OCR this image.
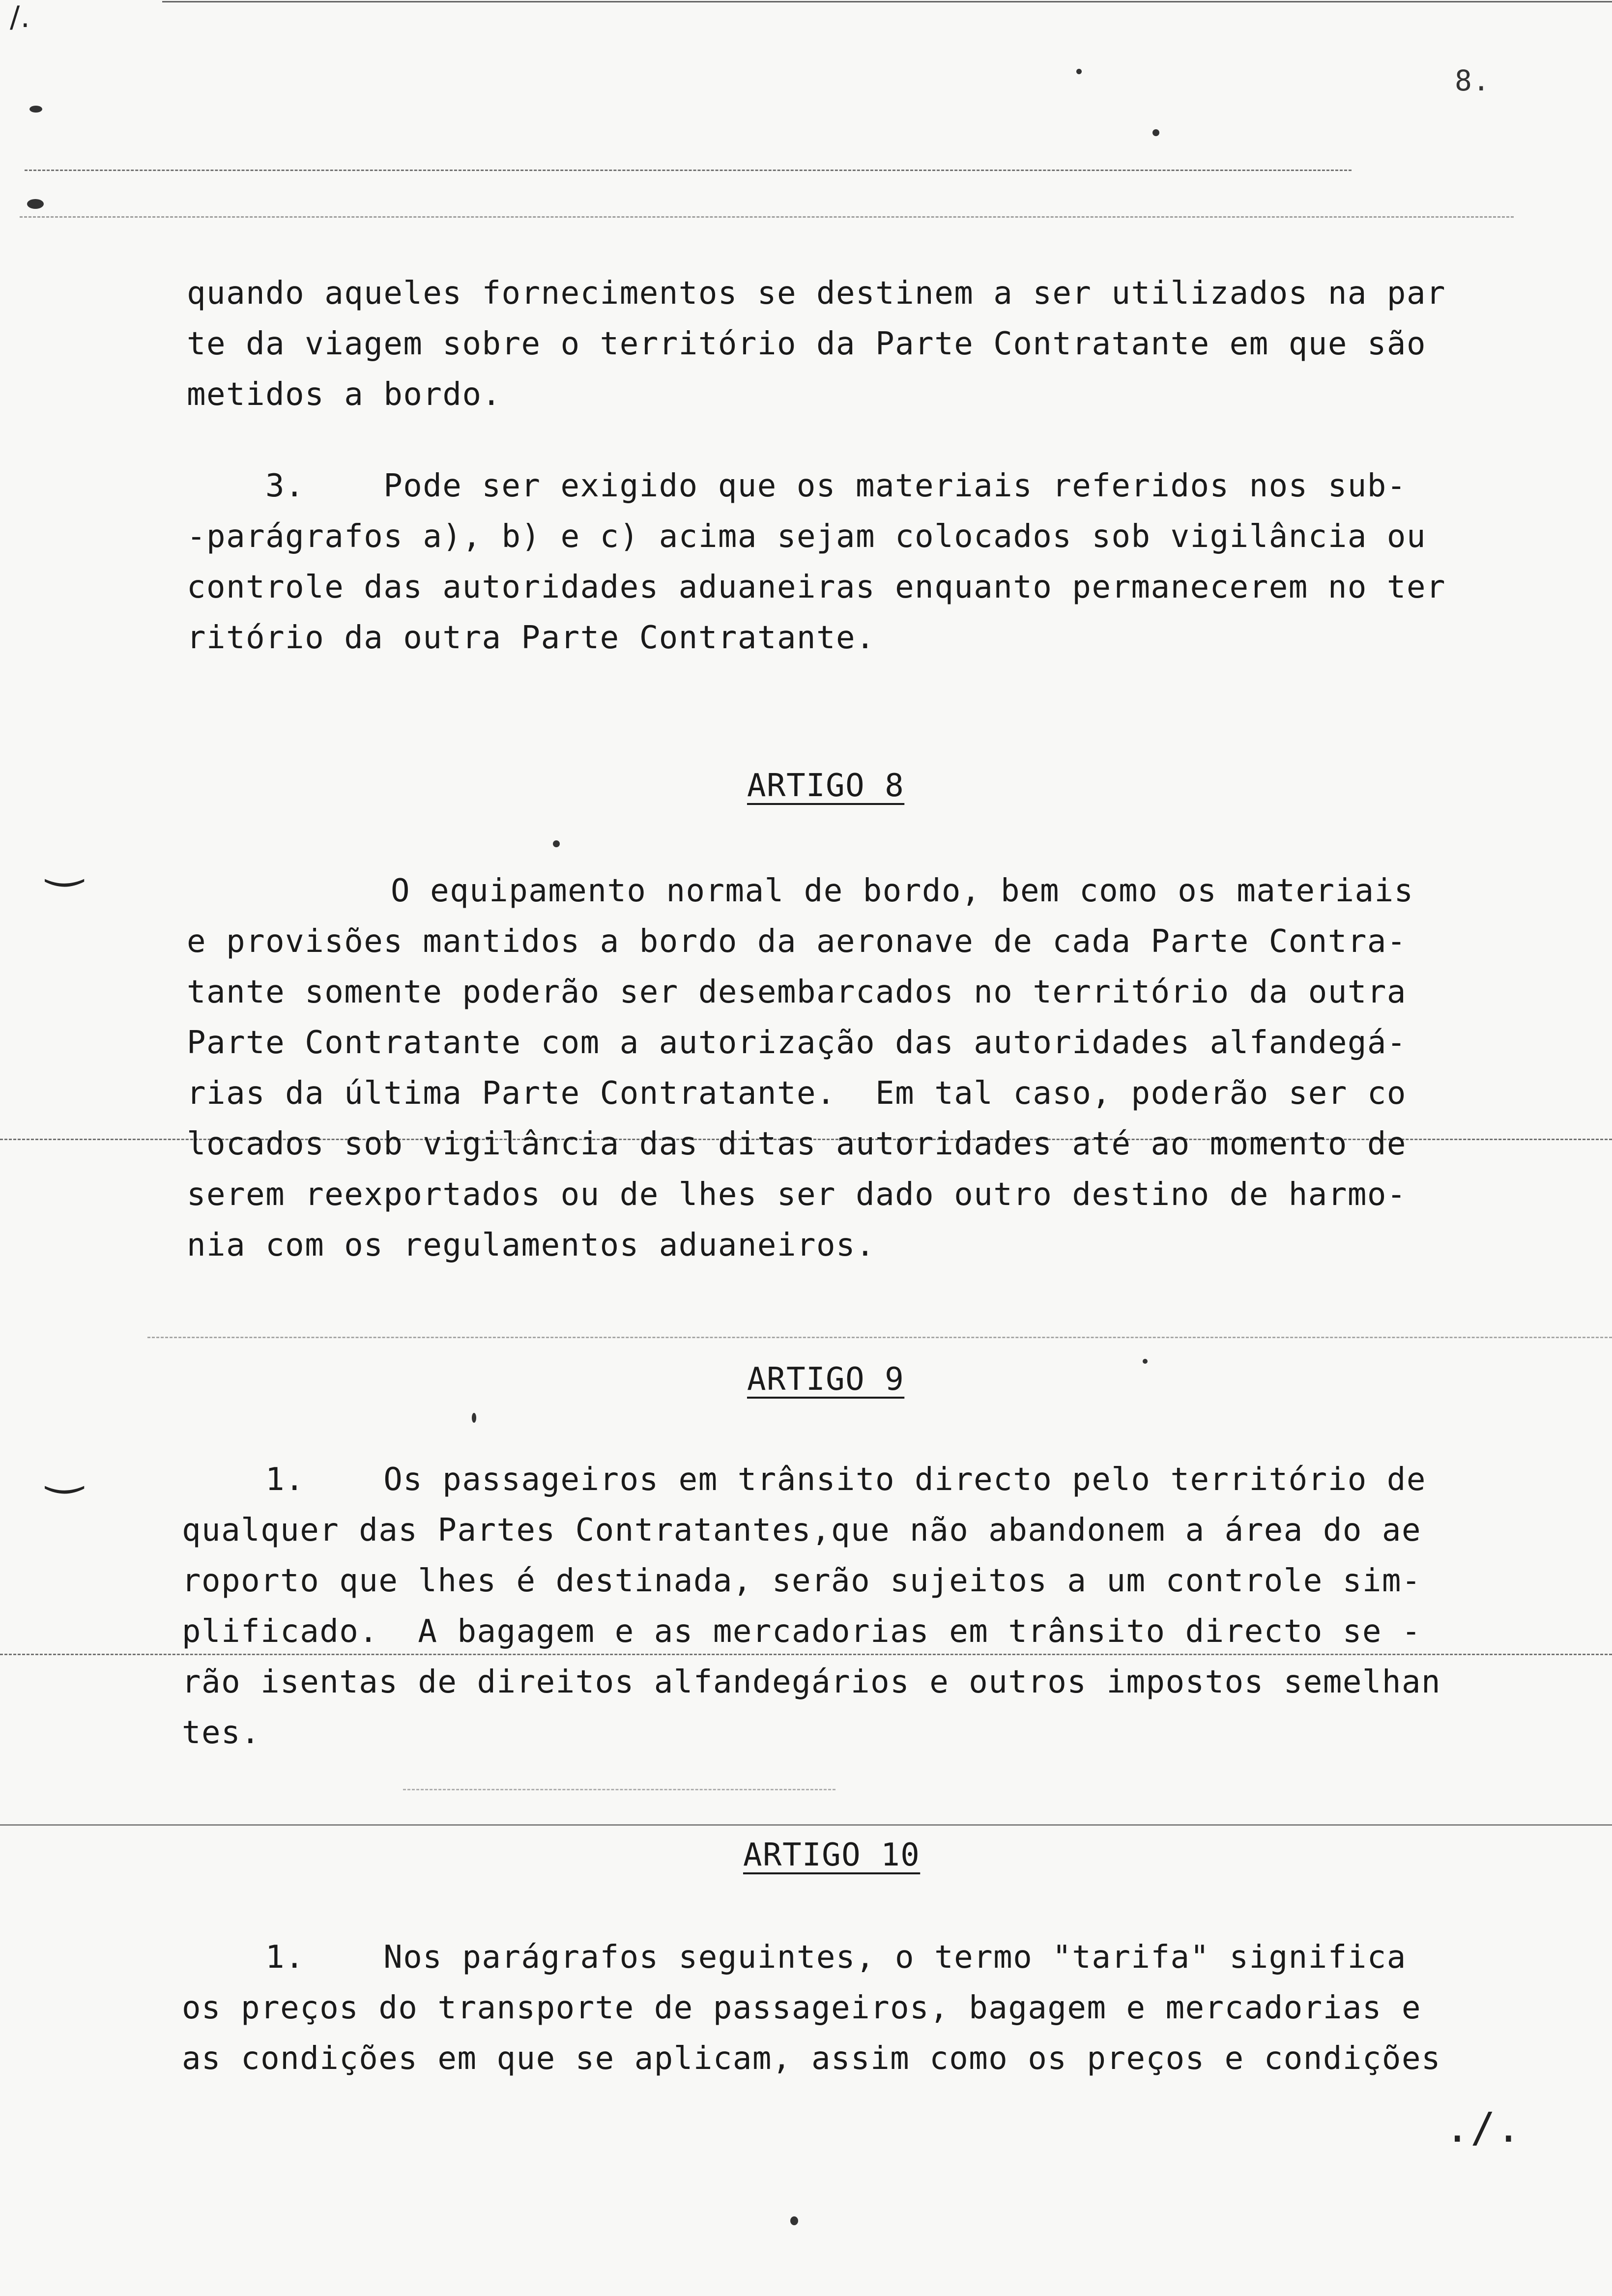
‿
‿
/.
8.
quando aqueles fornecimentos se destinem a ser utilizados na par
te da viagem sobre o território da Parte Contratante em que são
metidos a bordo.
3.    Pode ser exigido que os materiais referidos nos sub-
-parágrafos a), b) e c) acima sejam colocados sob vigilância ou
controle das autoridades aduaneiras enquanto permanecerem no ter
ritório da outra Parte Contratante.
ARTIGO 8
O equipamento normal de bordo, bem como os materiais
e provisões mantidos a bordo da aeronave de cada Parte Contra-
tante somente poderão ser desembarcados no território da outra
Parte Contratante com a autorização das autoridades alfandegá-
rias da última Parte Contratante.  Em tal caso, poderão ser co
locados sob vigilância das ditas autoridades até ao momento de
serem reexportados ou de lhes ser dado outro destino de harmo-
nia com os regulamentos aduaneiros.
ARTIGO 9
1.    Os passageiros em trânsito directo pelo território de
qualquer das Partes Contratantes,que não abandonem a área do ae
roporto que lhes é destinada, serão sujeitos a um controle sim-
plificado.  A bagagem e as mercadorias em trânsito directo se -
rão isentas de direitos alfandegários e outros impostos semelhan
tes.
ARTIGO 10
1.    Nos parágrafos seguintes, o termo "tarifa" significa
os preços do transporte de passageiros, bagagem e mercadorias e
as condições em que se aplicam, assim como os preços e condições
./.
